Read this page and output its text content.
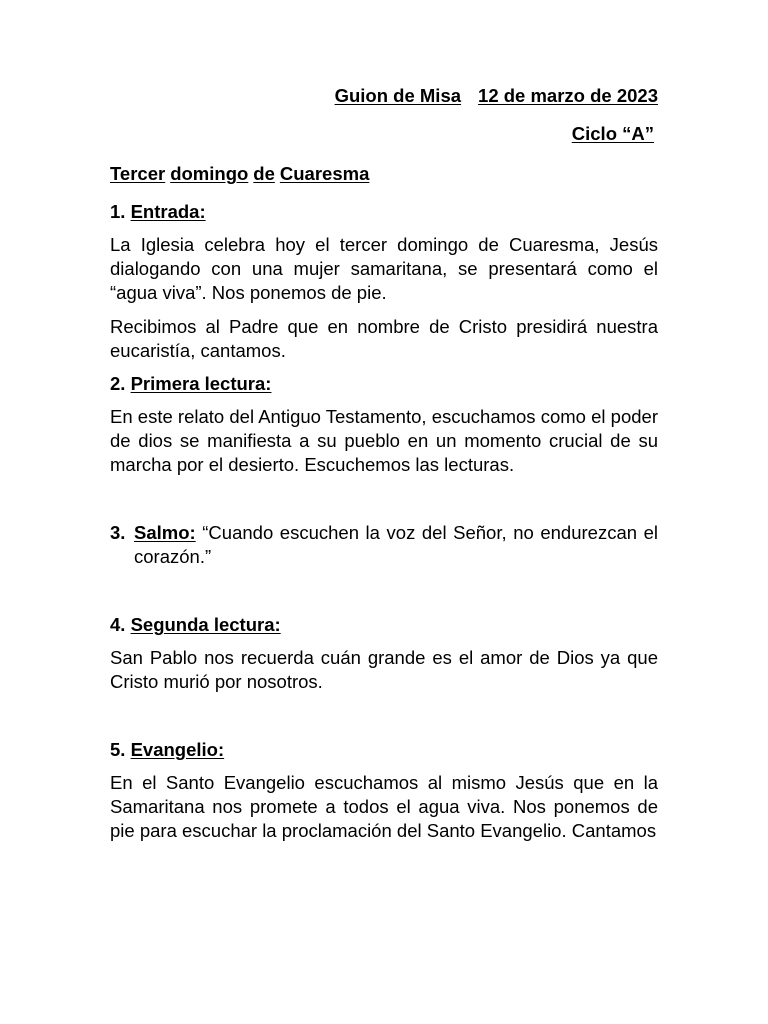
Guion de Misa 12 de marzo de 2023
Ciclo “A”
Tercer domingo de Cuaresma
1. Entrada:

La Iglesia celebra hoy el tercer domingo de Cuaresma, Jesús dialogando con una mujer samaritana, se presentará como el “agua viva”. Nos ponemos de pie.

Recibimos al Padre que en nombre de Cristo presidirá nuestra eucaristía, cantamos.

2. Primera lectura:

En este relato del Antiguo Testamento, escuchamos como el poder de dios se manifiesta a su pueblo en un momento crucial de su marcha por el desierto. Escuchemos las lecturas.

3. Salmo: “Cuando escuchen la voz del Señor, no endurezcan el corazón.”
4. Segunda lectura:

San Pablo nos recuerda cuán grande es el amor de Dios ya que Cristo murió por nosotros.

5. Evangelio:

En el Santo Evangelio escuchamos al mismo Jesús que en la Samaritana nos promete a todos el agua viva. Nos ponemos de pie para escuchar la proclamación del Santo Evangelio. Cantamos
